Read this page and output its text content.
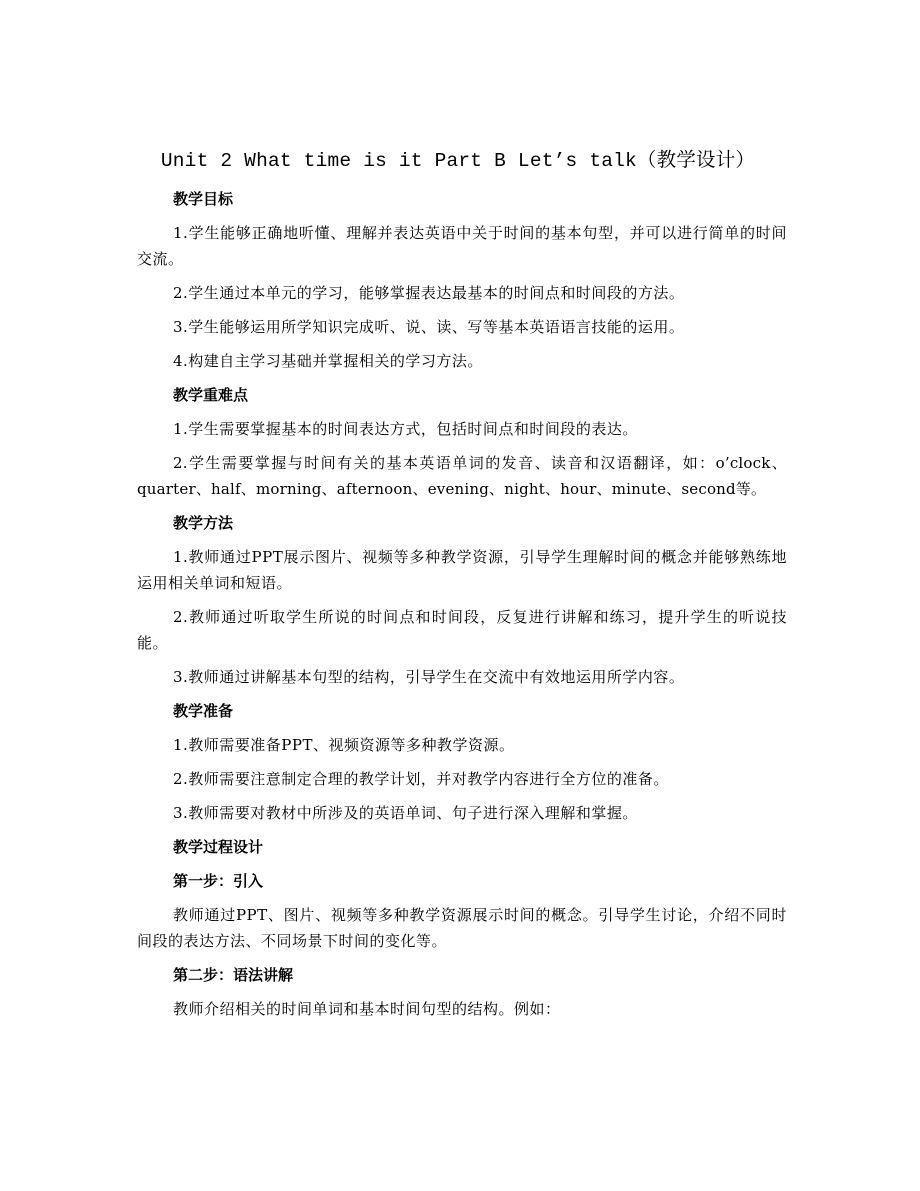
Unit 2 What time is it Part B Let’s talk（教学设计）
教学目标

1.学生能够正确地听懂、理解并表达英语中关于时间的基本句型，并可以进行简单的时间交流。

2.学生通过本单元的学习，能够掌握表达最基本的时间点和时间段的方法。

3.学生能够运用所学知识完成听、说、读、写等基本英语语言技能的运用。

4.构建自主学习基础并掌握相关的学习方法。

教学重难点

1.学生需要掌握基本的时间表达方式，包括时间点和时间段的表达。

2.学生需要掌握与时间有关的基本英语单词的发音、读音和汉语翻译，如：o’clock、quarter、half、morning、afternoon、evening、night、hour、minute、second等。

教学方法

1.教师通过PPT展示图片、视频等多种教学资源，引导学生理解时间的概念并能够熟练地运用相关单词和短语。

2.教师通过听取学生所说的时间点和时间段，反复进行讲解和练习，提升学生的听说技能。

3.教师通过讲解基本句型的结构，引导学生在交流中有效地运用所学内容。

教学准备

1.教师需要准备PPT、视频资源等多种教学资源。

2.教师需要注意制定合理的教学计划，并对教学内容进行全方位的准备。

3.教师需要对教材中所涉及的英语单词、句子进行深入理解和掌握。

教学过程设计
第一步：引入

教师通过PPT、图片、视频等多种教学资源展示时间的概念。引导学生讨论，介绍不同时间段的表达方法、不同场景下时间的变化等。

第二步：语法讲解

教师介绍相关的时间单词和基本时间句型的结构。例如：
